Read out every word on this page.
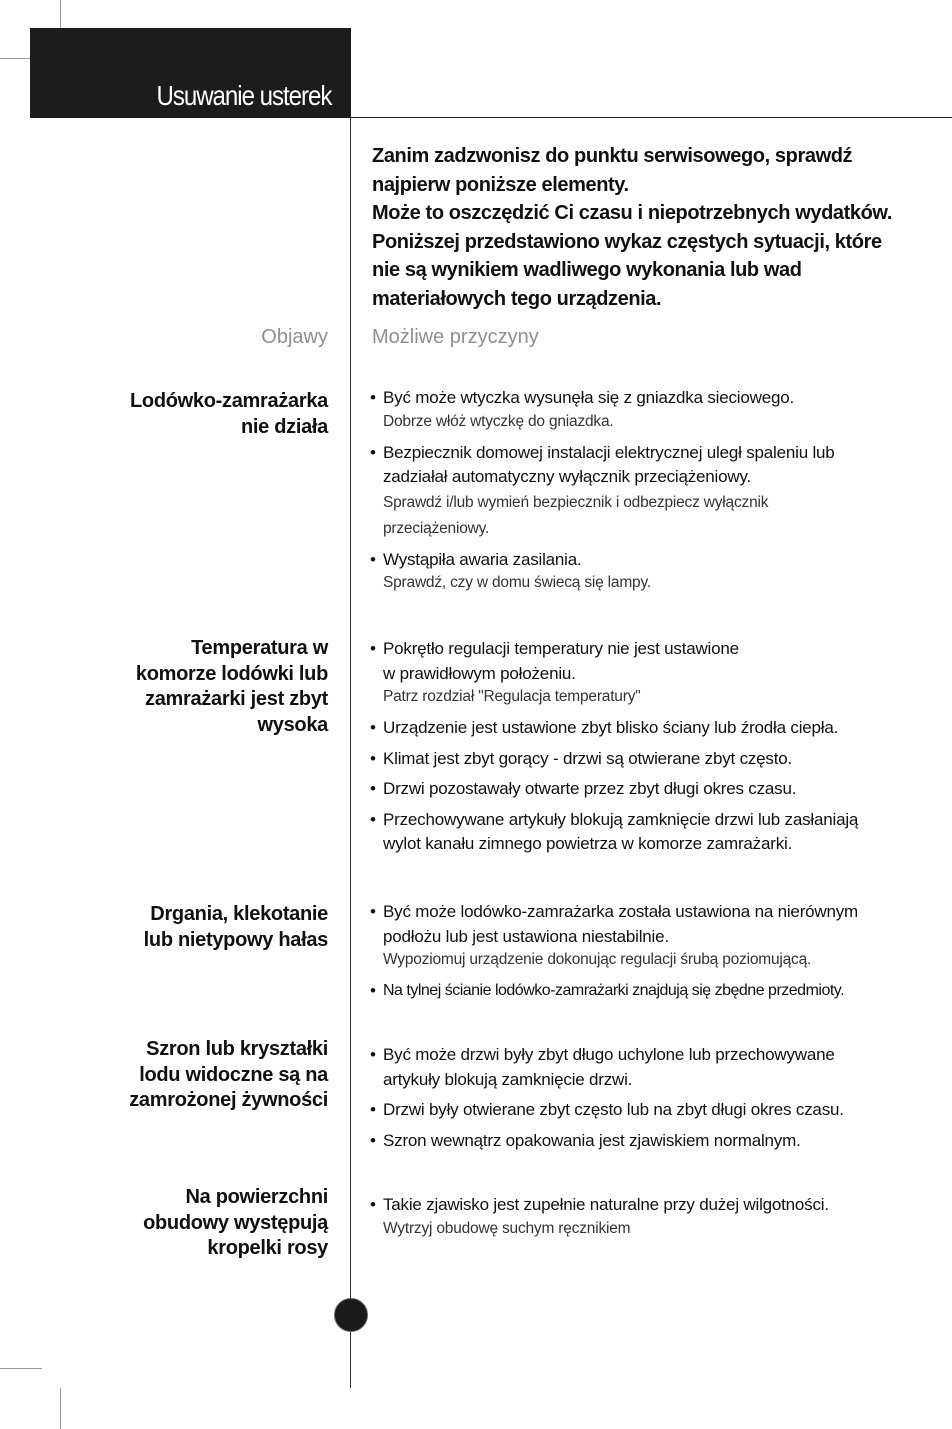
Usuwanie usterek
Zanim zadzwonisz do punktu serwisowego, sprawdź
najpierw poniższe elementy.
Może to oszczędzić Ci czasu i niepotrzebnych wydatków.
Poniższej przedstawiono wykaz częstych sytuacji, które
nie są wynikiem wadliwego wykonania lub wad
materiałowych tego urządzenia.
Objawy Możliwe przyczyny
Lodówko-zamrażarka
nie działa
• Być może wtyczka wysunęła się z gniazdka sieciowego.
Dobrze włóż wtyczkę do gniazdka.
• Bezpiecznik domowej instalacji elektrycznej uległ spaleniu lub
zadziałał automatyczny wyłącznik przeciążeniowy.
Sprawdź i/lub wymień bezpiecznik i odbezpiecz wyłącznik
przeciążeniowy.
• Wystąpiła awaria zasilania.
Sprawdź, czy w domu świecą się lampy.
Temperatura w
komorze lodówki lub
zamrażarki jest zbyt
wysoka
• Pokrętło regulacji temperatury nie jest ustawione
w prawidłowym położeniu.
Patrz rozdział "Regulacja temperatury"
• Urządzenie jest ustawione zbyt blisko ściany lub źrodła ciepła.
• Klimat jest zbyt gorący - drzwi są otwierane zbyt często.
• Drzwi pozostawały otwarte przez zbyt długi okres czasu.
• Przechowywane artykuły blokują zamknięcie drzwi lub zasłaniają
wylot kanału zimnego powietrza w komorze zamrażarki.
Drgania, klekotanie
lub nietypowy hałas
• Być może lodówko-zamrażarka została ustawiona na nierównym
podłożu lub jest ustawiona niestabilnie.
Wypoziomuj urządzenie dokonując regulacji śrubą poziomującą.
• Na tylnej ścianie lodówko-zamrażarki znajdują się zbędne przedmioty.
Szron lub kryształki
lodu widoczne są na
zamrożonej żywności
• Być może drzwi były zbyt długo uchylone lub przechowywane
artykuły blokują zamknięcie drzwi.
• Drzwi były otwierane zbyt często lub na zbyt długi okres czasu.
• Szron wewnątrz opakowania jest zjawiskiem normalnym.
Na powierzchni
obudowy występują
kropelki rosy
• Takie zjawisko jest zupełnie naturalne przy dużej wilgotności.
Wytrzyj obudowę suchym ręcznikiem
